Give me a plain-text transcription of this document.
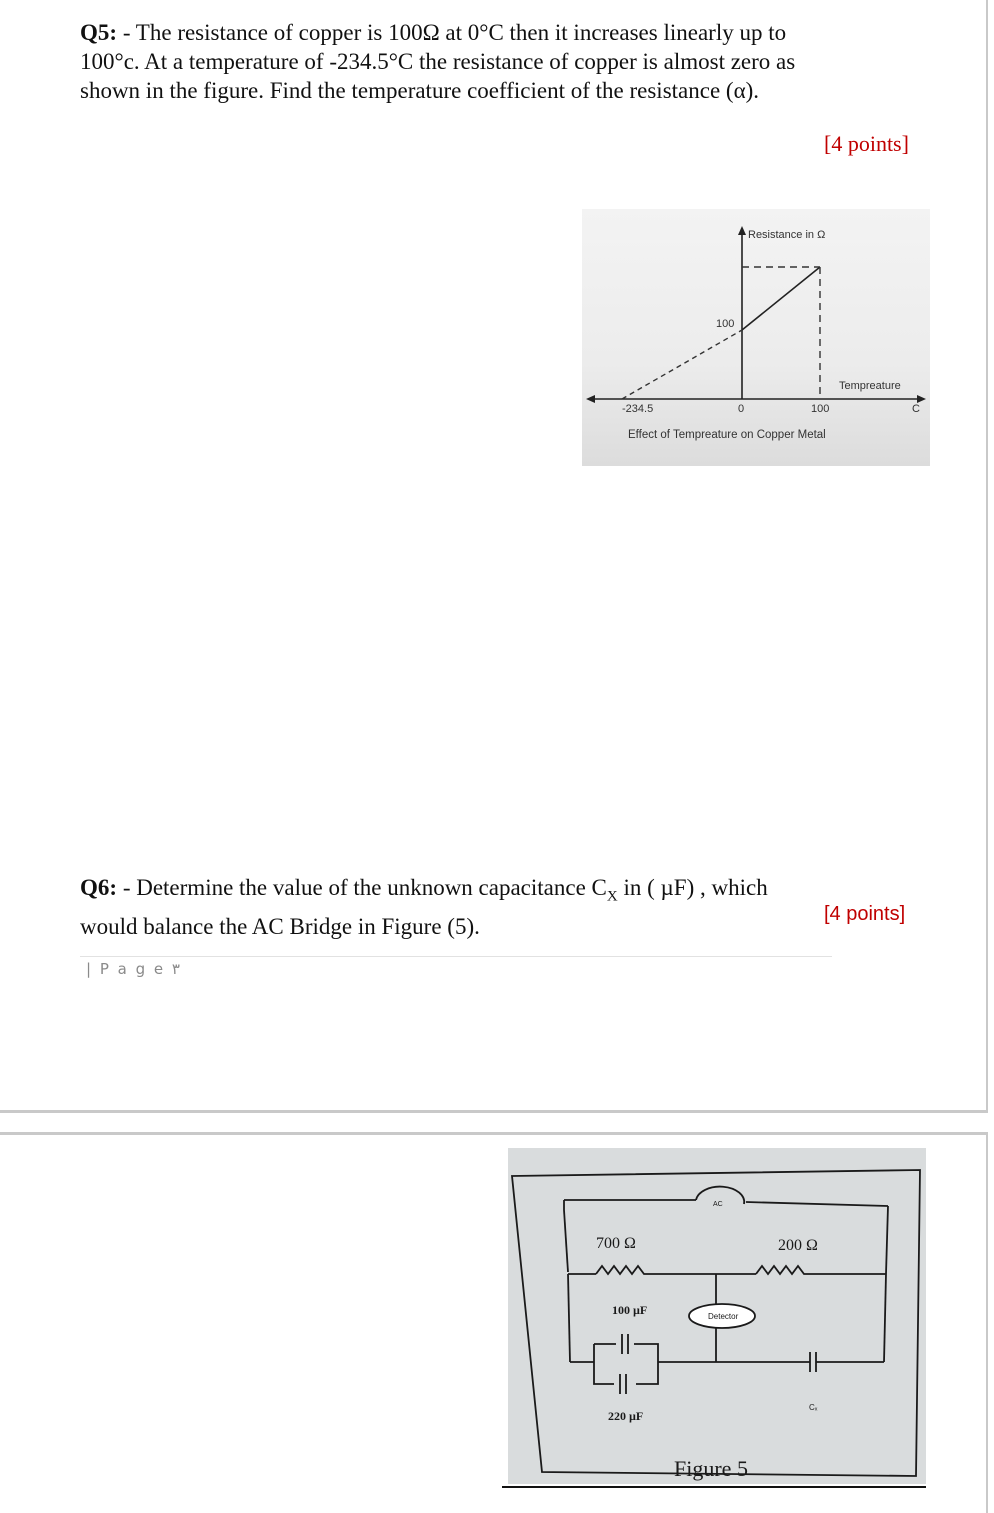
Q5: - The resistance of copper is 100Ω at 0°C then it increases linearly up to
100°c. At a temperature of -234.5°C the resistance of copper is almost zero as
shown in the figure. Find the temperature coefficient of the resistance (α).
[4 points]
Resistance in Ω
100
Tempreature
C
-234.5	0	100
Effect of Tempreature on Copper Metal
Q6: - Determine the value of the unknown capacitance $C_X$ in ( µF) , which
would balance the AC Bridge in Figure (5).	[4 points]
| P a g e ٣
AC
Detector
Cₓ
700 Ω	200 Ω
100 µF
220 µF
Figure 5
